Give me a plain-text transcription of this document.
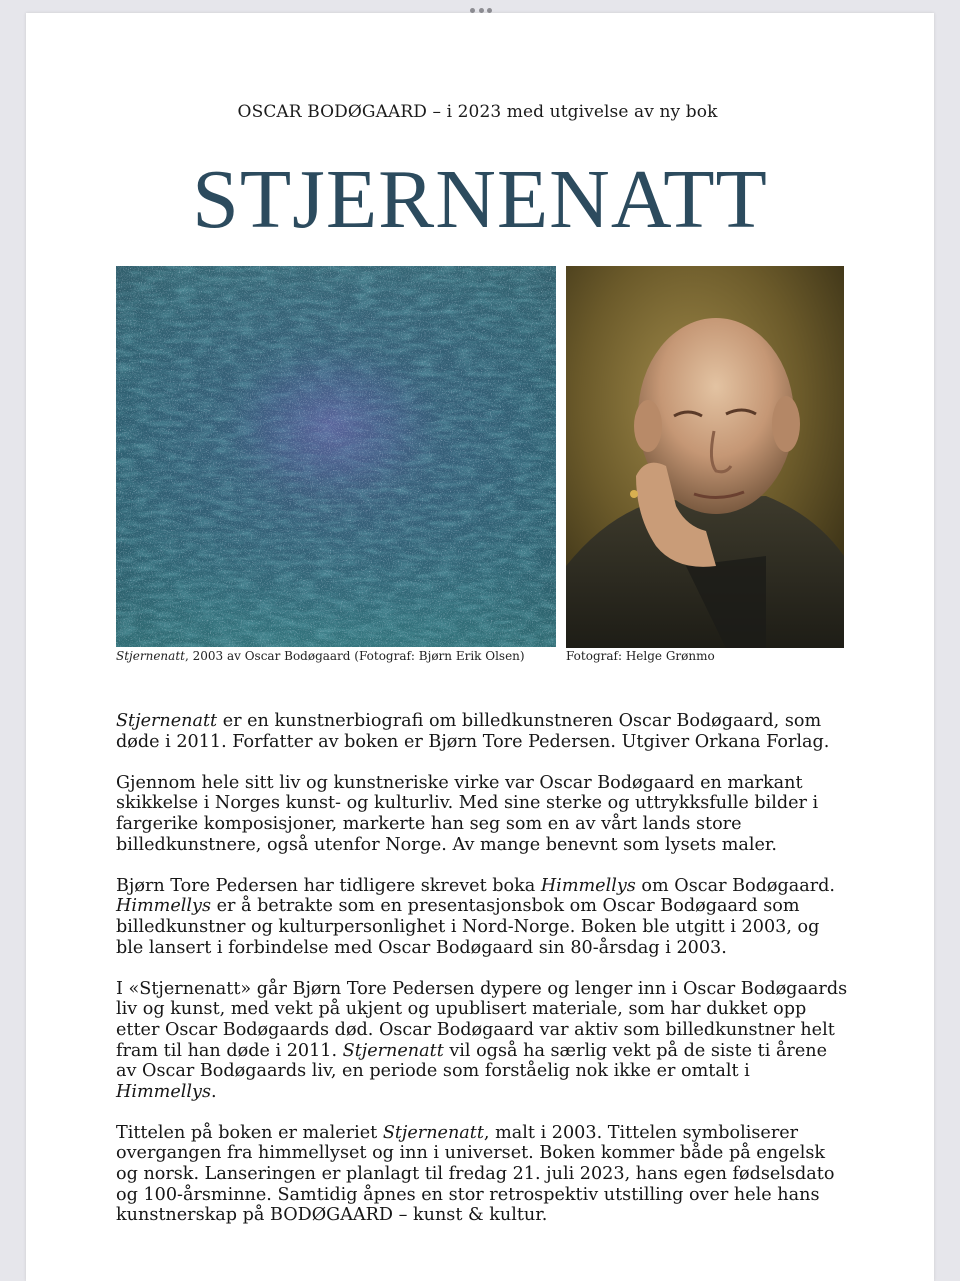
OSCAR BODØGAARD – i 2023 med utgivelse av ny bok
STJERNENATT
Stjernenatt, 2003 av Oscar Bodøgaard (Fotograf: Bjørn Erik Olsen)	Fotograf: Helge Grønmo

Stjernenatt er en kunstnerbiografi om billedkunstneren Oscar Bodøgaard, som døde i 2011. Forfatter av boken er Bjørn Tore Pedersen. Utgiver Orkana Forlag.

Gjennom hele sitt liv og kunstneriske virke var Oscar Bodøgaard en markant skikkelse i Norges kunst- og kulturliv. Med sine sterke og uttrykksfulle bilder i fargerike komposisjoner, markerte han seg som en av vårt lands store billedkunstnere, også utenfor Norge. Av mange benevnt som lysets maler.

Bjørn Tore Pedersen har tidligere skrevet boka Himmellys om Oscar Bodøgaard. Himmellys er å betrakte som en presentasjonsbok om Oscar Bodøgaard som billedkunstner og kulturpersonlighet i Nord-Norge. Boken ble utgitt i 2003, og ble lansert i forbindelse med Oscar Bodøgaard sin 80-årsdag i 2003.

I «Stjernenatt» går Bjørn Tore Pedersen dypere og lenger inn i Oscar Bodøgaards liv og kunst, med vekt på ukjent og upublisert materiale, som har dukket opp etter Oscar Bodøgaards død. Oscar Bodøgaard var aktiv som billedkunstner helt fram til han døde i 2011. Stjernenatt vil også ha særlig vekt på de siste ti årene av Oscar Bodøgaards liv, en periode som forståelig nok ikke er omtalt i Himmellys.

Tittelen på boken er maleriet Stjernenatt, malt i 2003. Tittelen symboliserer overgangen fra himmellyset og inn i universet. Boken kommer både på engelsk og norsk. Lanseringen er planlagt til fredag 21. juli 2023, hans egen fødselsdato og 100-årsminne. Samtidig åpnes en stor retrospektiv utstilling over hele hans kunstnerskap på BODØGAARD – kunst & kultur.
